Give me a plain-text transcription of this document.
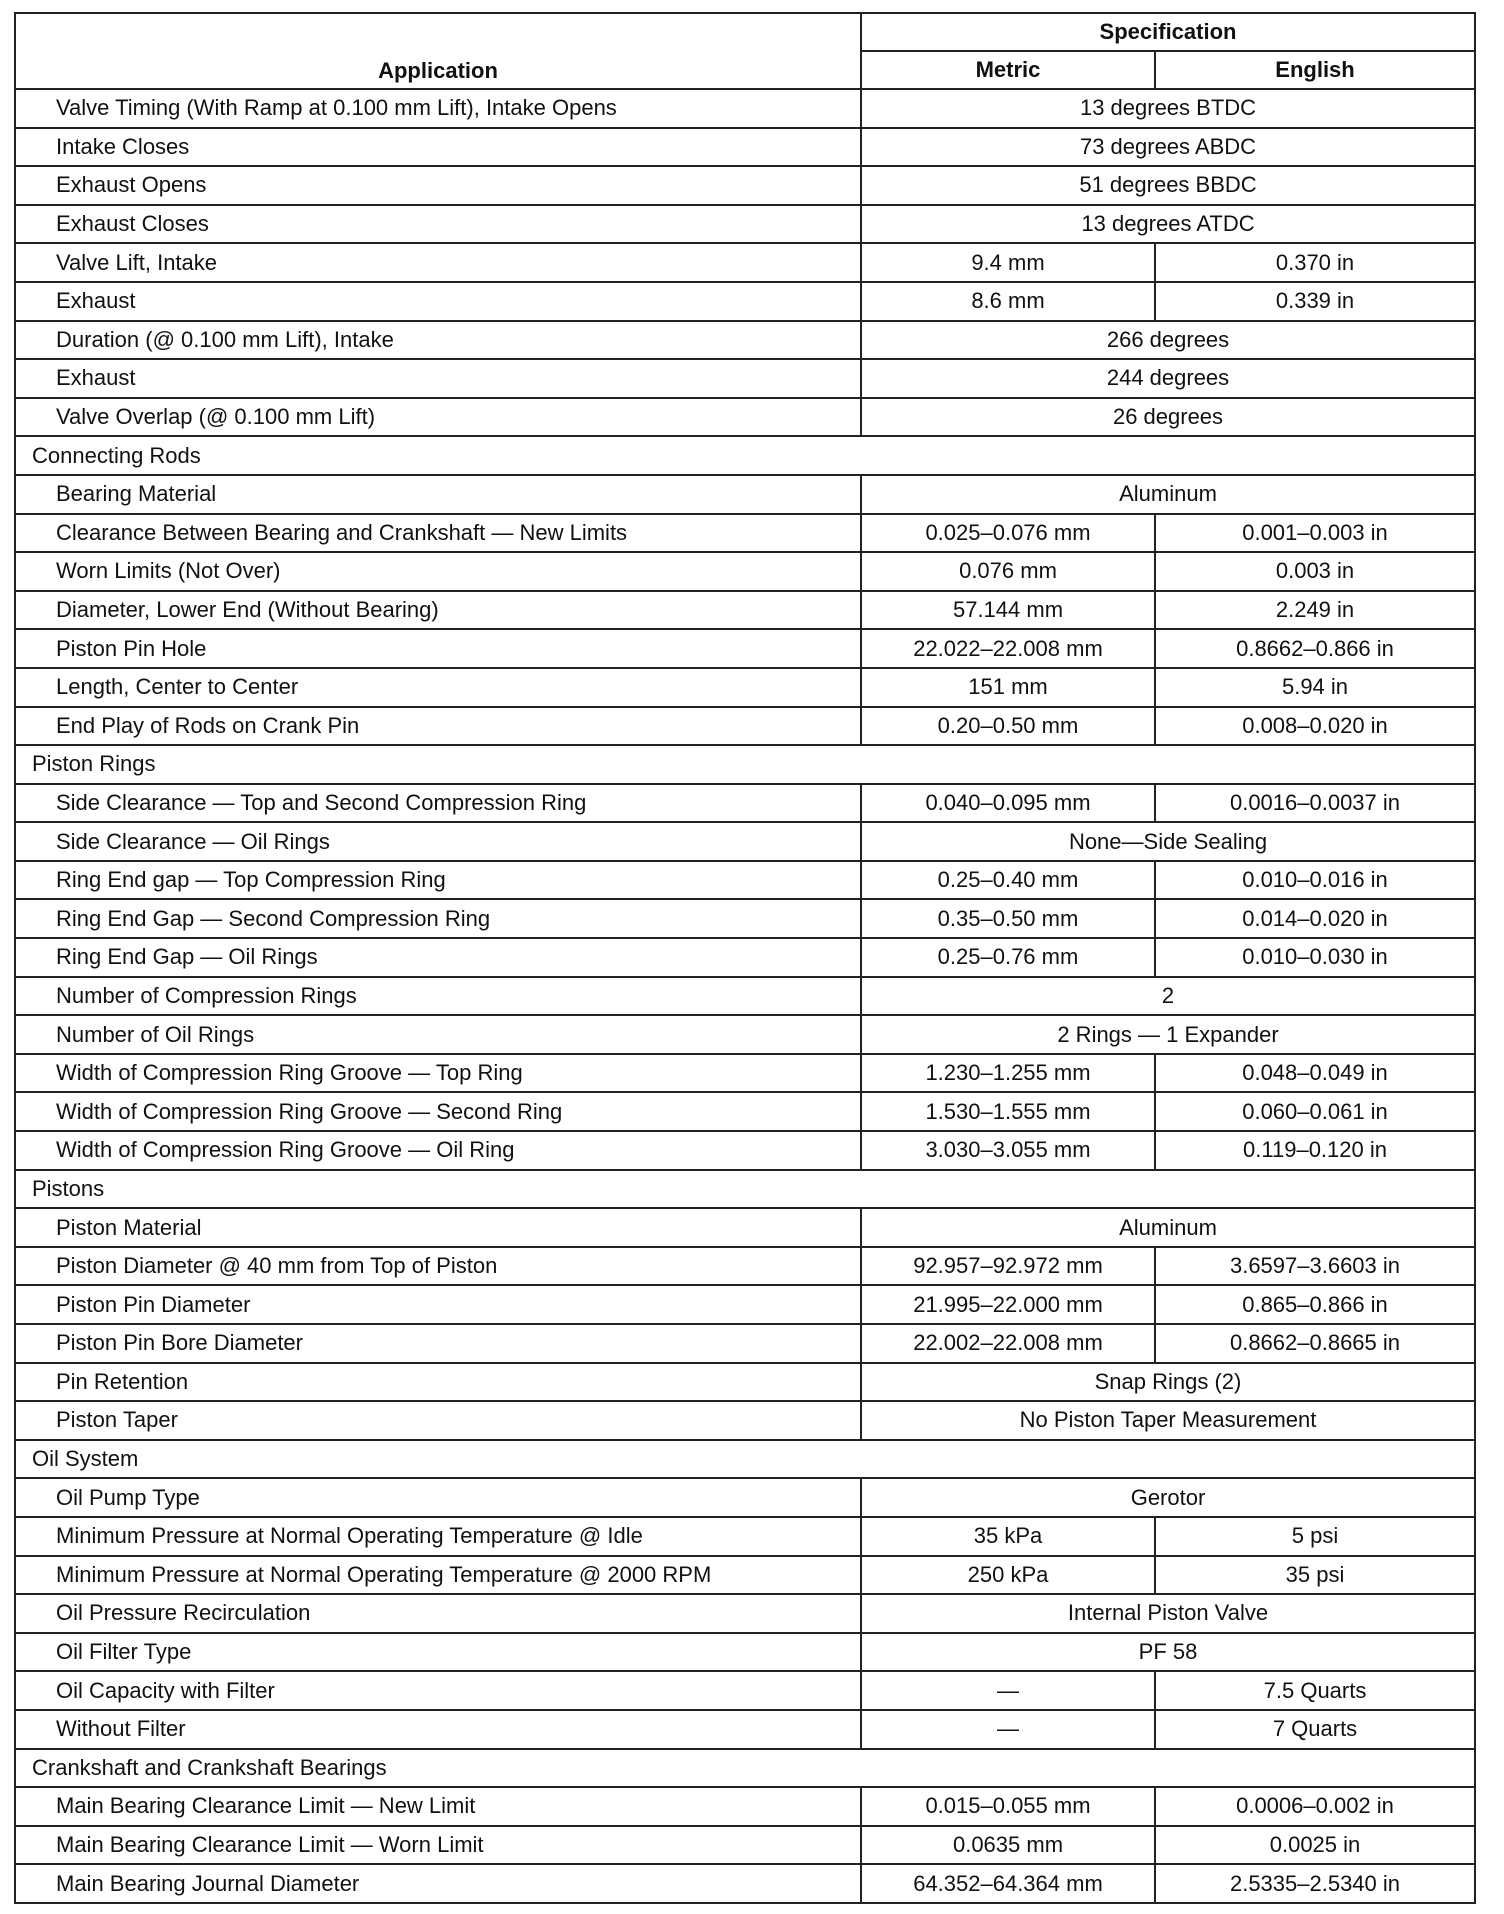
Application	Specification	
	Metric	English
Valve Timing (With Ramp at 0.100 mm Lift), Intake Opens	13 degrees BTDC	
Intake Closes	73 degrees ABDC	
Exhaust Opens	51 degrees BBDC	
Exhaust Closes	13 degrees ATDC	
Valve Lift, Intake	9.4 mm	0.370 in
Exhaust	8.6 mm	0.339 in
Duration (@ 0.100 mm Lift), Intake	266 degrees	
Exhaust	244 degrees	
Valve Overlap (@ 0.100 mm Lift)	26 degrees	
Connecting Rods		
Bearing Material	Aluminum	
Clearance Between Bearing and Crankshaft — New Limits	0.025–0.076 mm	0.001–0.003 in
Worn Limits (Not Over)	0.076 mm	0.003 in
Diameter, Lower End (Without Bearing)	57.144 mm	2.249 in
Piston Pin Hole	22.022–22.008 mm	0.8662–0.866 in
Length, Center to Center	151 mm	5.94 in
End Play of Rods on Crank Pin	0.20–0.50 mm	0.008–0.020 in
Piston Rings		
Side Clearance — Top and Second Compression Ring	0.040–0.095 mm	0.0016–0.0037 in
Side Clearance — Oil Rings	None—Side Sealing	
Ring End gap — Top Compression Ring	0.25–0.40 mm	0.010–0.016 in
Ring End Gap — Second Compression Ring	0.35–0.50 mm	0.014–0.020 in
Ring End Gap — Oil Rings	0.25–0.76 mm	0.010–0.030 in
Number of Compression Rings	2	
Number of Oil Rings	2 Rings — 1 Expander	
Width of Compression Ring Groove — Top Ring	1.230–1.255 mm	0.048–0.049 in
Width of Compression Ring Groove — Second Ring	1.530–1.555 mm	0.060–0.061 in
Width of Compression Ring Groove — Oil Ring	3.030–3.055 mm	0.119–0.120 in
Pistons		
Piston Material	Aluminum	
Piston Diameter @ 40 mm from Top of Piston	92.957–92.972 mm	3.6597–3.6603 in
Piston Pin Diameter	21.995–22.000 mm	0.865–0.866 in
Piston Pin Bore Diameter	22.002–22.008 mm	0.8662–0.8665 in
Pin Retention	Snap Rings (2)	
Piston Taper	No Piston Taper Measurement	
Oil System		
Oil Pump Type	Gerotor	
Minimum Pressure at Normal Operating Temperature @ Idle	35 kPa	5 psi
Minimum Pressure at Normal Operating Temperature @ 2000 RPM	250 kPa	35 psi
Oil Pressure Recirculation	Internal Piston Valve	
Oil Filter Type	PF 58	
Oil Capacity with Filter	—	7.5 Quarts
Without Filter	—	7 Quarts
Crankshaft and Crankshaft Bearings		
Main Bearing Clearance Limit — New Limit	0.015–0.055 mm	0.0006–0.002 in
Main Bearing Clearance Limit — Worn Limit	0.0635 mm	0.0025 in
Main Bearing Journal Diameter	64.352–64.364 mm	2.5335–2.5340 in
